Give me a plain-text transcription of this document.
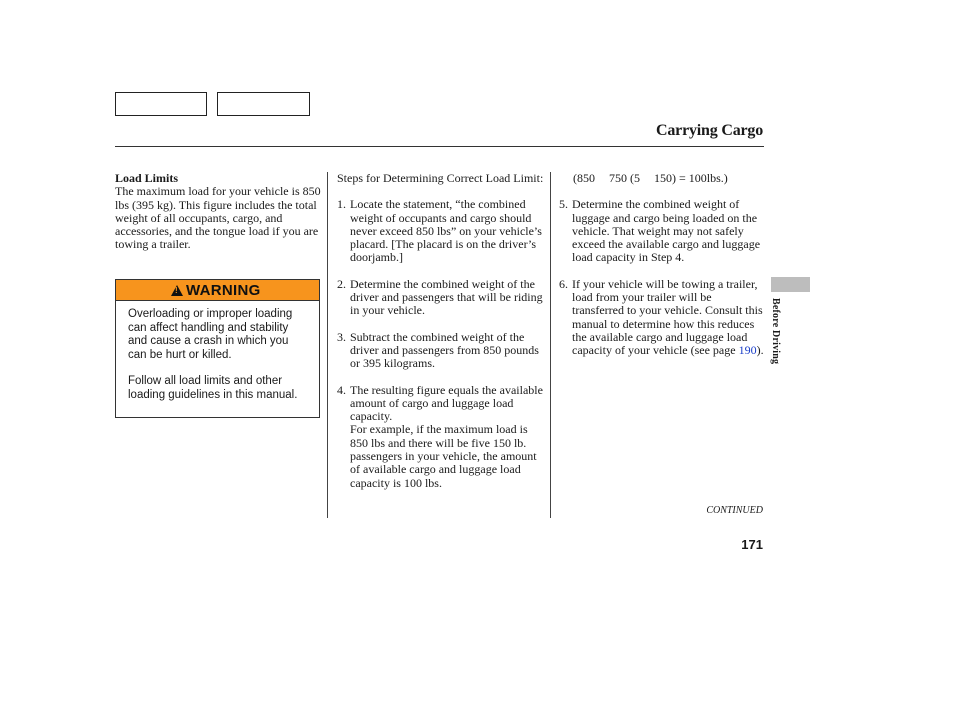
Carrying Cargo

Load Limits

The maximum load for your vehicle is 850 lbs (395 kg). This figure includes the total weight of all occupants, cargo, and accessories, and the tongue load if you are towing a trailer.

!
WARNING

Overloading or improper loading can affect handling and stability and cause a crash in which you can be hurt or killed.

Follow all load limits and other loading guidelines in this manual.

Steps for Determining Correct Load Limit:

1. Locate the statement, “the combined weight of occupants and cargo should never exceed 850 lbs” on your vehicle’s placard. [The placard is on the driver’s doorjamb.]
2. Determine the combined weight of the driver and passengers that will be riding in your vehicle.
3. Subtract the combined weight of the driver and passengers from 850 pounds or 395 kilograms.
4. The resulting figure equals the available amount of cargo and luggage load capacity.
For example, if the maximum load is 850 lbs and there will be five 150 lb. passengers in your vehicle, the amount of available cargo and luggage load capacity is 100 lbs.

(850 750 (5 150) = 100lbs.)

5. Determine the combined weight of luggage and cargo being loaded on the vehicle. That weight may not safely exceed the available cargo and luggage load capacity in Step 4.
6. If your vehicle will be towing a trailer, load from your trailer will be transferred to your vehicle. Consult this manual to determine how this reduces the available cargo and luggage load capacity of your vehicle (see page 190). Before Driving
CONTINUED
171
